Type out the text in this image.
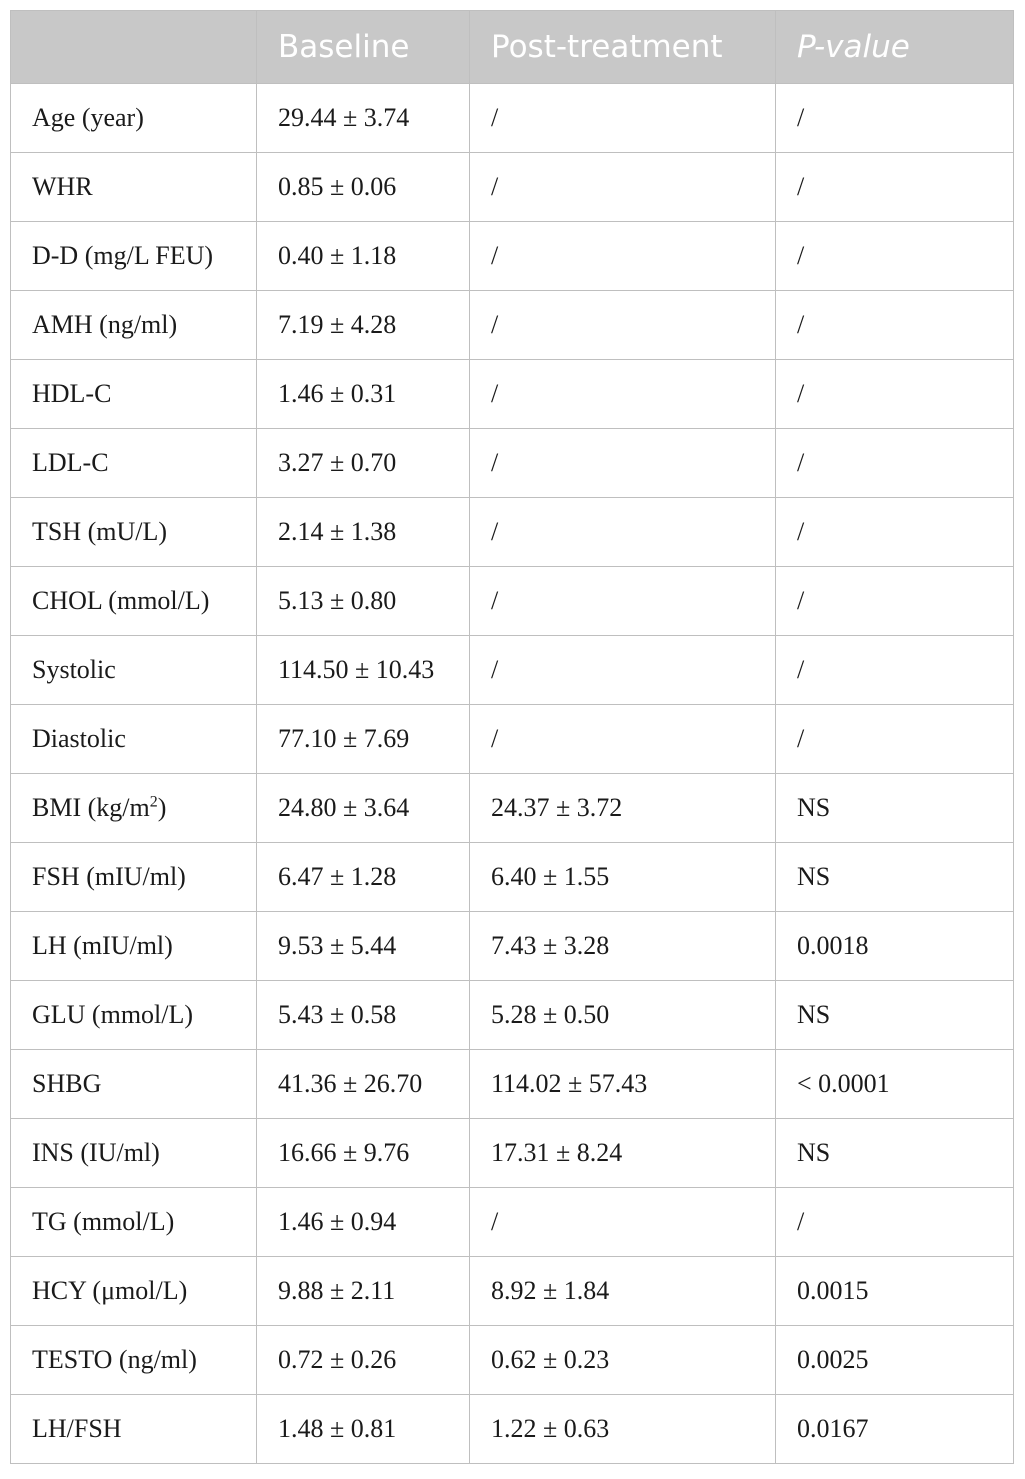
	Baseline	Post-treatment	P-value
Age (year)	29.44 ± 3.74	/	/
WHR	0.85 ± 0.06	/	/
D-D (mg/L FEU)	0.40 ± 1.18	/	/
AMH (ng/ml)	7.19 ± 4.28	/	/
HDL-C	1.46 ± 0.31	/	/
LDL-C	3.27 ± 0.70	/	/
TSH (mU/L)	2.14 ± 1.38	/	/
CHOL (mmol/L)	5.13 ± 0.80	/	/
Systolic	114.50 ± 10.43	/	/
Diastolic	77.10 ± 7.69	/	/
BMI $(kg/m^2)$	24.80 ± 3.64	24.37 ± 3.72	NS
FSH (mIU/ml)	6.47 ± 1.28	6.40 ± 1.55	NS
LH (mIU/ml)	9.53 ± 5.44	7.43 ± 3.28	0.0018
GLU (mmol/L)	5.43 ± 0.58	5.28 ± 0.50	NS
SHBG	41.36 ± 26.70	114.02 ± 57.43	< 0.0001
INS (IU/ml)	16.66 ± 9.76	17.31 ± 8.24	NS
TG (mmol/L)	1.46 ± 0.94	/	/
HCY (μmol/L)	9.88 ± 2.11	8.92 ± 1.84	0.0015
TESTO (ng/ml)	0.72 ± 0.26	0.62 ± 0.23	0.0025
LH/FSH	1.48 ± 0.81	1.22 ± 0.63	0.0167
